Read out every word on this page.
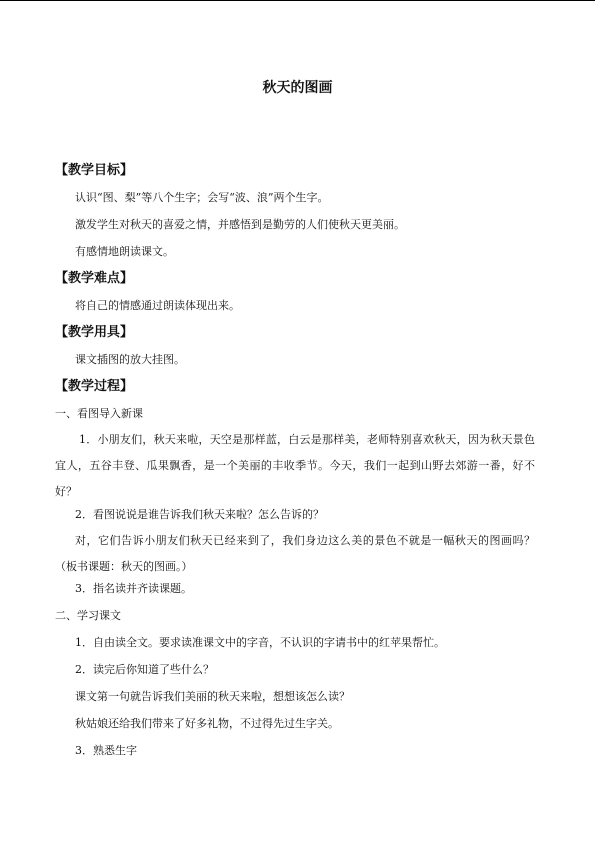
秋天的图画
【教学目标】
认识“图、梨”等八个生字；会写“波、浪”两个生字。
激发学生对秋天的喜爱之情，并感悟到是勤劳的人们使秋天更美丽。
有感情地朗读课文。
【教学难点】
将自己的情感通过朗读体现出来。
【教学用具】
课文插图的放大挂图。
【教学过程】
一、看图导入新课
1．小朋友们，秋天来啦，天空是那样蓝，白云是那样美，老师特别喜欢秋天，因为秋天景色宜人，五谷丰登、瓜果飘香，是一个美丽的丰收季节。今天，我们一起到山野去郊游一番，好不好？
2．看图说说是谁告诉我们秋天来啦？怎么告诉的？
对，它们告诉小朋友们秋天已经来到了，我们身边这么美的景色不就是一幅秋天的图画吗？（板书课题：秋天的图画。）
3．指名读并齐读课题。
二、学习课文
1．自由读全文。要求读准课文中的字音，不认识的字请书中的红苹果帮忙。
2．读完后你知道了些什么？
课文第一句就告诉我们美丽的秋天来啦，想想该怎么读？
秋姑娘还给我们带来了好多礼物，不过得先过生字关。
3．熟悉生字
